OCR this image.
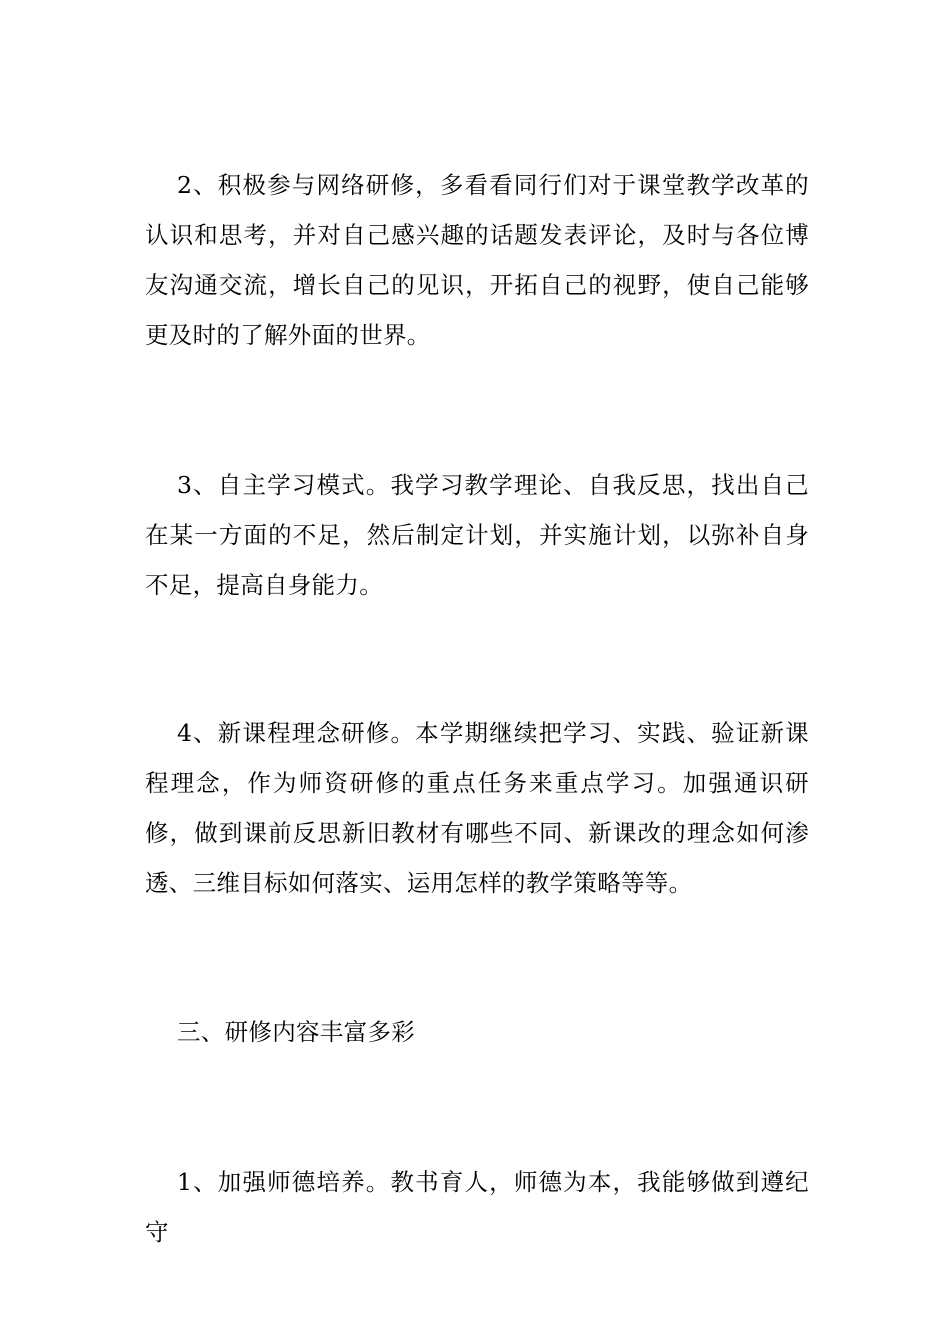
2、积极参与网络研修，多看看同行们对于课堂教学改革的认识和思考，并对自己感兴趣的话题发表评论，及时与各位博友沟通交流，增长自己的见识，开拓自己的视野，使自己能够更及时的了解外面的世界。

3、自主学习模式。我学习教学理论、自我反思，找出自己在某一方面的不足，然后制定计划，并实施计划，以弥补自身不足，提高自身能力。

4、新课程理念研修。本学期继续把学习、实践、验证新课程理念，作为师资研修的重点任务来重点学习。加强通识研修，做到课前反思新旧教材有哪些不同、新课改的理念如何渗透、三维目标如何落实、运用怎样的教学策略等等。

三、研修内容丰富多彩

1、加强师德培养。教书育人，师德为本，我能够做到遵纪守
